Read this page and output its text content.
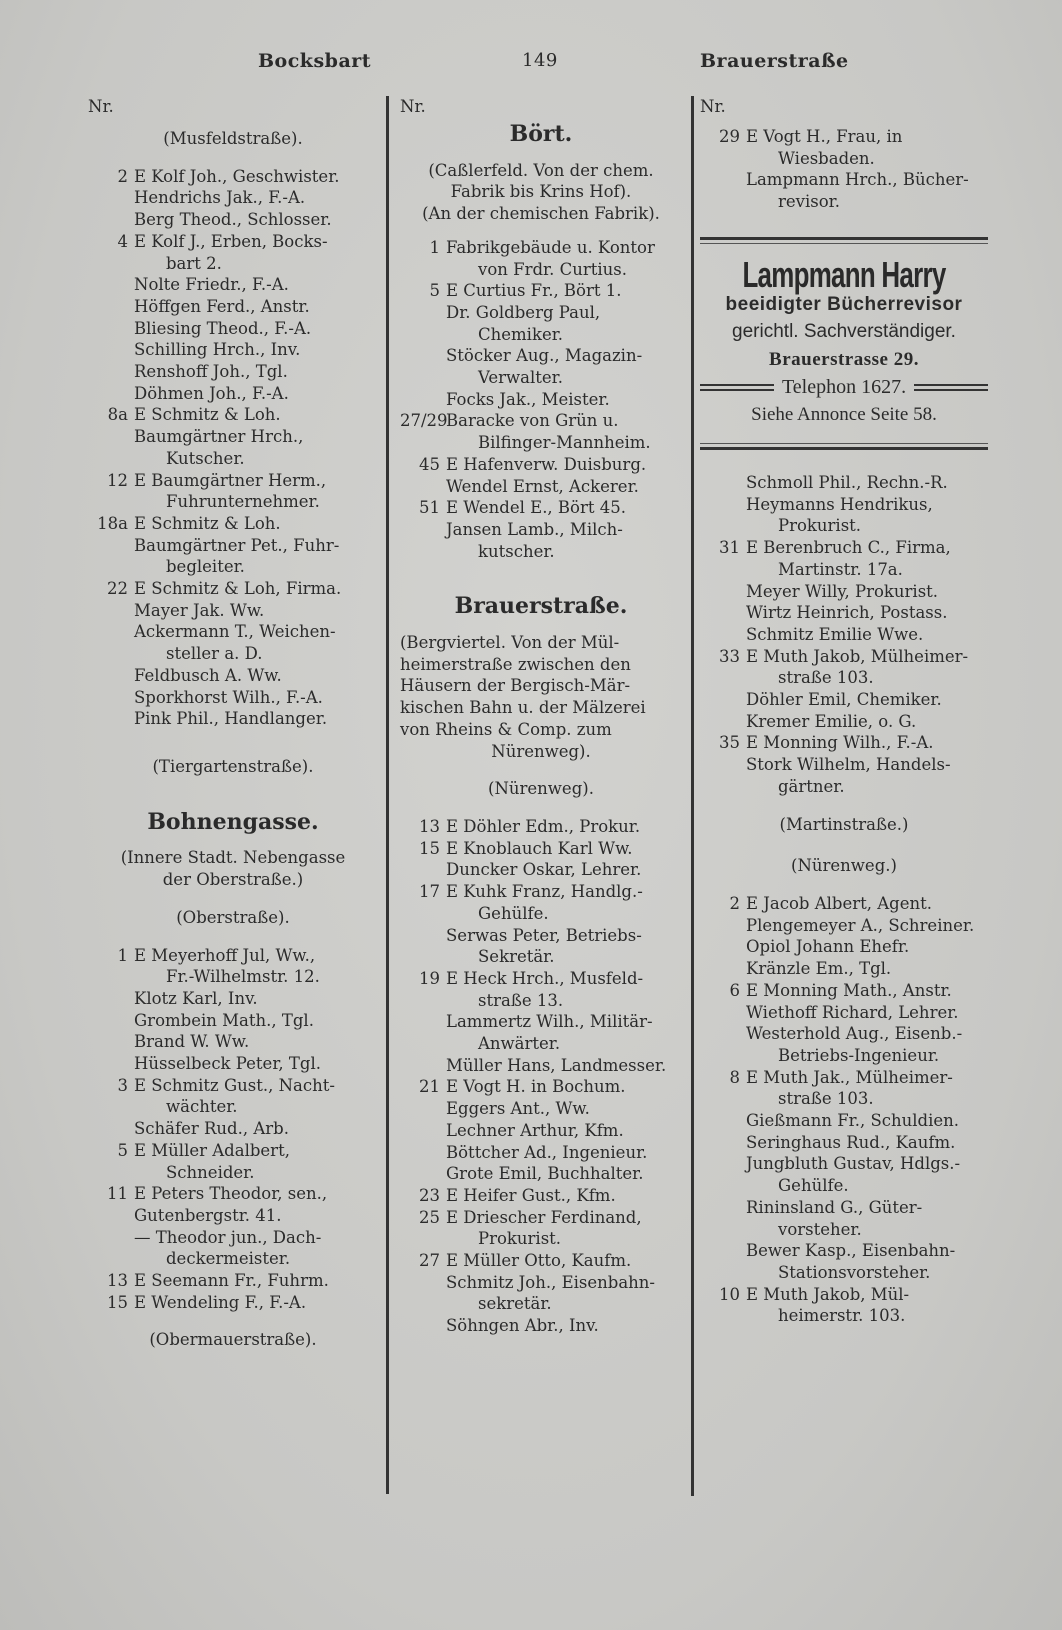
Bocksbart	149	Brauerstraße
Nr.
(Musfeldstraße).
2 E Kolf Joh., Geschwister.
Hendrichs Jak., F.-A.
Berg Theod., Schlosser.
4 E Kolf J., Erben, Bocks-
bart 2.
Nolte Friedr., F.-A.
Höffgen Ferd., Anstr.
Bliesing Theod., F.-A.
Schilling Hrch., Inv.
Renshoff Joh., Tgl.
Döhmen Joh., F.-A.
8a E Schmitz & Loh.
Baumgärtner Hrch.,
Kutscher.
12 E Baumgärtner Herm.,
Fuhrunternehmer.
18a E Schmitz & Loh.
Baumgärtner Pet., Fuhr-
begleiter.
22 E Schmitz & Loh, Firma.
Mayer Jak. Ww.
Ackermann T., Weichen-
steller a. D.
Feldbusch A. Ww.
Sporkhorst Wilh., F.-A.
Pink Phil., Handlanger.
(Tiergartenstraße).
Bohnengasse.
(Innere Stadt. Nebengasse
der Oberstraße.)
(Oberstraße).
1 E Meyerhoff Jul, Ww.,
Fr.-Wilhelmstr. 12.
Klotz Karl, Inv.
Grombein Math., Tgl.
Brand W. Ww.
Hüsselbeck Peter, Tgl.
3 E Schmitz Gust., Nacht-
wächter.
Schäfer Rud., Arb.
5 E Müller Adalbert,
Schneider.
11 E Peters Theodor, sen.,
Gutenbergstr. 41.
— Theodor jun., Dach-
deckermeister.
13 E Seemann Fr., Fuhrm.
15 E Wendeling F., F.-A.
(Obermauerstraße).
Nr.
Bört.
(Caßlerfeld. Von der chem.
Fabrik bis Krins Hof).
(An der chemischen Fabrik).
1 Fabrikgebäude u. Kontor
von Frdr. Curtius.
5 E Curtius Fr., Bört 1.
Dr. Goldberg Paul,
Chemiker.
Stöcker Aug., Magazin-
Verwalter.
Focks Jak., Meister.
27/29
Baracke von Grün u.
Bilfinger-Mannheim.
45 E Hafenverw. Duisburg.
Wendel Ernst, Ackerer.
51 E Wendel E., Bört 45.
Jansen Lamb., Milch-
kutscher.
Brauerstraße.
(Bergviertel. Von der Mül-
heimerstraße zwischen den
Häusern der Bergisch-Mär-
kischen Bahn u. der Mälzerei
von Rheins & Comp. zum
Nürenweg).
(Nürenweg).
13 E Döhler Edm., Prokur.
15 E Knoblauch Karl Ww.
Duncker Oskar, Lehrer.
17 E Kuhk Franz, Handlg.-
Gehülfe.
Serwas Peter, Betriebs-
Sekretär.
19 E Heck Hrch., Musfeld-
straße 13.
Lammertz Wilh., Militär-
Anwärter.
Müller Hans, Landmesser.
21 E Vogt H. in Bochum.
Eggers Ant., Ww.
Lechner Arthur, Kfm.
Böttcher Ad., Ingenieur.
Grote Emil, Buchhalter.
23 E Heifer Gust., Kfm.
25 E Driescher Ferdinand,
Prokurist.
27 E Müller Otto, Kaufm.
Schmitz Joh., Eisenbahn-
sekretär.
Söhngen Abr., Inv.
Nr.
29 E Vogt H., Frau, in
Wiesbaden.
Lampmann Hrch., Bücher-
revisor.
Lampmann Harry
beeidigter Bücherrevisor
gerichtl. Sachverständiger.
Brauerstrasse 29.
Telephon 1627.
Siehe Annonce Seite 58.
Schmoll Phil., Rechn.-R.
Heymanns Hendrikus,
Prokurist.
31 E Berenbruch C., Firma,
Martinstr. 17a.
Meyer Willy, Prokurist.
Wirtz Heinrich, Postass.
Schmitz Emilie Wwe.
33 E Muth Jakob, Mülheimer-
straße 103.
Döhler Emil, Chemiker.
Kremer Emilie, o. G.
35 E Monning Wilh., F.-A.
Stork Wilhelm, Handels-
gärtner.
(Martinstraße.)
(Nürenweg.)
2 E Jacob Albert, Agent.
Plengemeyer A., Schreiner.
Opiol Johann Ehefr.
Kränzle Em., Tgl.
6 E Monning Math., Anstr.
Wiethoff Richard, Lehrer.
Westerhold Aug., Eisenb.-
Betriebs-Ingenieur.
8 E Muth Jak., Mülheimer-
straße 103.
Gießmann Fr., Schuldien.
Seringhaus Rud., Kaufm.
Jungbluth Gustav, Hdlgs.-
Gehülfe.
Rininsland G., Güter-
vorsteher.
Bewer Kasp., Eisenbahn-
Stationsvorsteher.
10 E Muth Jakob, Mül-
heimerstr. 103.
